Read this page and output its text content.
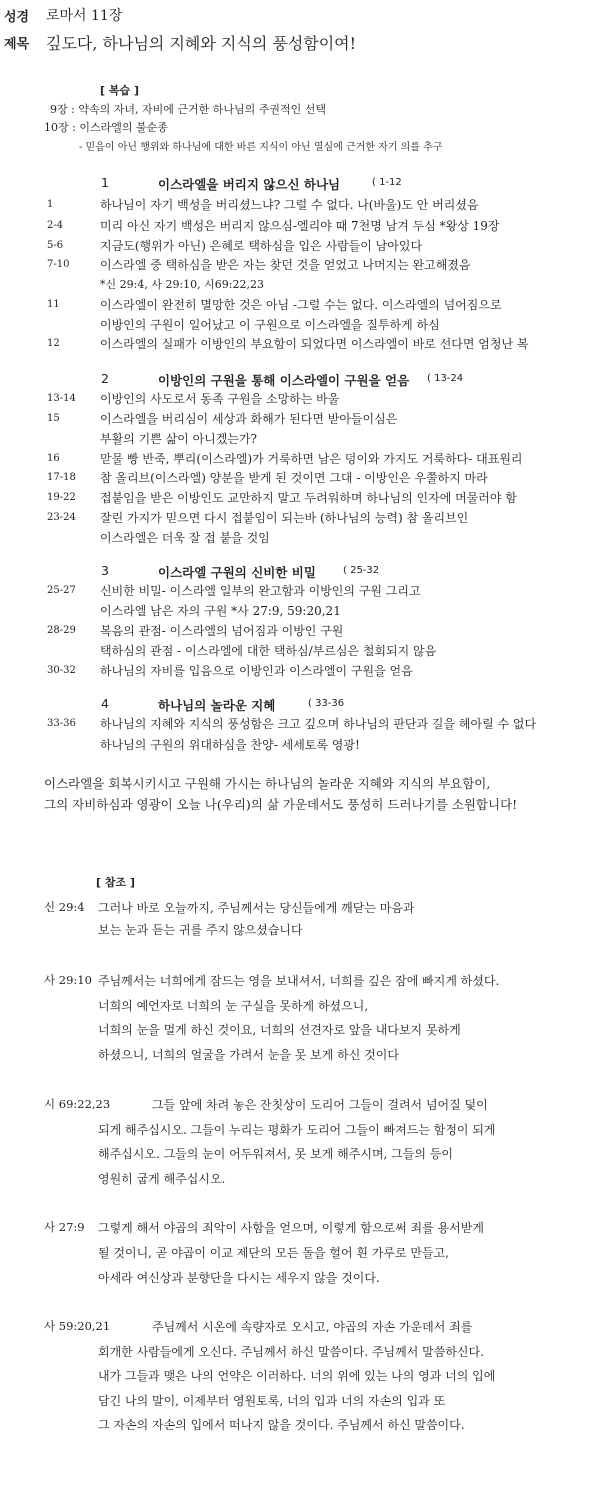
성경 로마서 11장
제목 깊도다, 하나님의 지혜와 지식의 풍성함이여!
[ 복습 ]
9장 : 약속의 자녀, 자비에 근거한 하나님의 주권적인 선택
10장 : 이스라엘의 불순종
- 믿음이 아닌 행위와 하나님에 대한 바른 지식이 아닌 열심에 근거한 자기 의를 추구
1	이스라엘을 버리지 않으신 하나님	( 1-12
1	하나님이 자기 백성을 버리셨느냐? 그럴 수 없다. 나(바울)도 안 버리셨음
2-4	미리 아신 자기 백성은 버리지 않으심-엘리야 때 7천명 남겨 두심 *왕상 19장
5-6	지금도(행위가 아닌) 은혜로 택하심을 입은 사람들이 남아있다
7-10	이스라엘 중 택하심을 받은 자는 찾던 것을 얻었고 나머지는 완고해졌음
*신 29:4, 사 29:10, 시69:22,23
11	이스라엘이 완전히 멸망한 것은 아님 -그럴 수는 없다. 이스라엘의 넘어짐으로
이방인의 구원이 일어났고 이 구원으로 이스라엘을 질투하게 하심
12	이스라엘의 실패가 이방인의 부요함이 되었다면 이스라엘이 바로 선다면 엄청난 복
2	이방인의 구원을 통해 이스라엘이 구원을 얻음 ( 13-24
13-14 이방인의 사도로서 동족 구원을 소망하는 바울
15	이스라엘을 버리심이 세상과 화해가 된다면 받아들이심은
부활의 기쁜 삶이 아니겠는가?
16	맏물 빵 반죽, 뿌리(이스라엘)가 거룩하면 남은 덩이와 가지도 거룩하다- 대표원리
17-18 참 올리브(이스라엘) 양분을 받게 된 것이면 그대 - 이방인은 우쭐하지 마라
19-22 접붙임을 받은 이방인도 교만하지 말고 두려워하며 하나님의 인자에 머물러야 함
23-24 잘린 가지가 믿으면 다시 접붙임이 되는바 (하나님의 능력) 참 올리브인
이스라엘은 더욱 잘 접 붙을 것임
3	이스라엘 구원의 신비한 비밀	( 25-32
25-27 신비한 비밀- 이스라엘 일부의 완고함과 이방인의 구원 그리고
이스라엘 남은 자의 구원 *사 27:9, 59:20,21
28-29 복음의 관점- 이스라엘의 넘어짐과 이방인 구원
택하심의 관점 - 이스라엘에 대한 택하심/부르심은 철회되지 않음
30-32 하나님의 자비를 입음으로 이방인과 이스라엘이 구원을 얻음
4	하나님의 놀라운 지혜	( 33-36
33-36 하나님의 지혜와 지식의 풍성함은 크고 깊으며 하나님의 판단과 길을 헤아릴 수 없다
하나님의 구원의 위대하심을 찬양- 세세토록 영광!
이스라엘을 회복시키시고 구원해 가시는 하나님의 놀라운 지혜와 지식의 부요함이,
그의 자비하심과 영광이 오늘 나(우리)의 삶 가운데서도 풍성히 드러나기를 소원합니다!
[ 참조 ]
신 29:4 그러나 바로 오늘까지, 주님께서는 당신들에게 깨닫는 마음과
보는 눈과 듣는 귀를 주지 않으셨습니다
사 29:10 주님께서는 너희에게 잠드는 영을 보내셔서, 너희를 깊은 잠에 빠지게 하셨다.
너희의 예언자로 너희의 눈 구실을 못하게 하셨으니,
너희의 눈을 멀게 하신 것이요, 너희의 선견자로 앞을 내다보지 못하게
하셨으니, 너희의 얼굴을 가려서 눈을 못 보게 하신 것이다
시 69:22,23	그들 앞에 차려 놓은 잔칫상이 도리어 그들이 걸려서 넘어질 덫이
되게 해주십시오. 그들이 누리는 평화가 도리어 그들이 빠져드는 함정이 되게
해주십시오. 그들의 눈이 어두워져서, 못 보게 해주시며, 그들의 등이
영원히 굽게 해주십시오.
사 27:9 그렇게 해서 야곱의 죄악이 사함을 얻으며, 이렇게 함으로써 죄를 용서받게
될 것이니, 곧 야곱이 이교 제단의 모든 돌을 헐어 흰 가루로 만들고,
아세라 여신상과 분향단을 다시는 세우지 않을 것이다.
사 59:20,21	주님께서 시온에 속량자로 오시고, 야곱의 자손 가운데서 죄를
회개한 사람들에게 오신다. 주님께서 하신 말씀이다. 주님께서 말씀하신다.
내가 그들과 맺은 나의 언약은 이러하다. 너의 위에 있는 나의 영과 너의 입에
담긴 나의 말이, 이제부터 영원토록, 너의 입과 너의 자손의 입과 또
그 자손의 자손의 입에서 떠나지 않을 것이다. 주님께서 하신 말씀이다.
